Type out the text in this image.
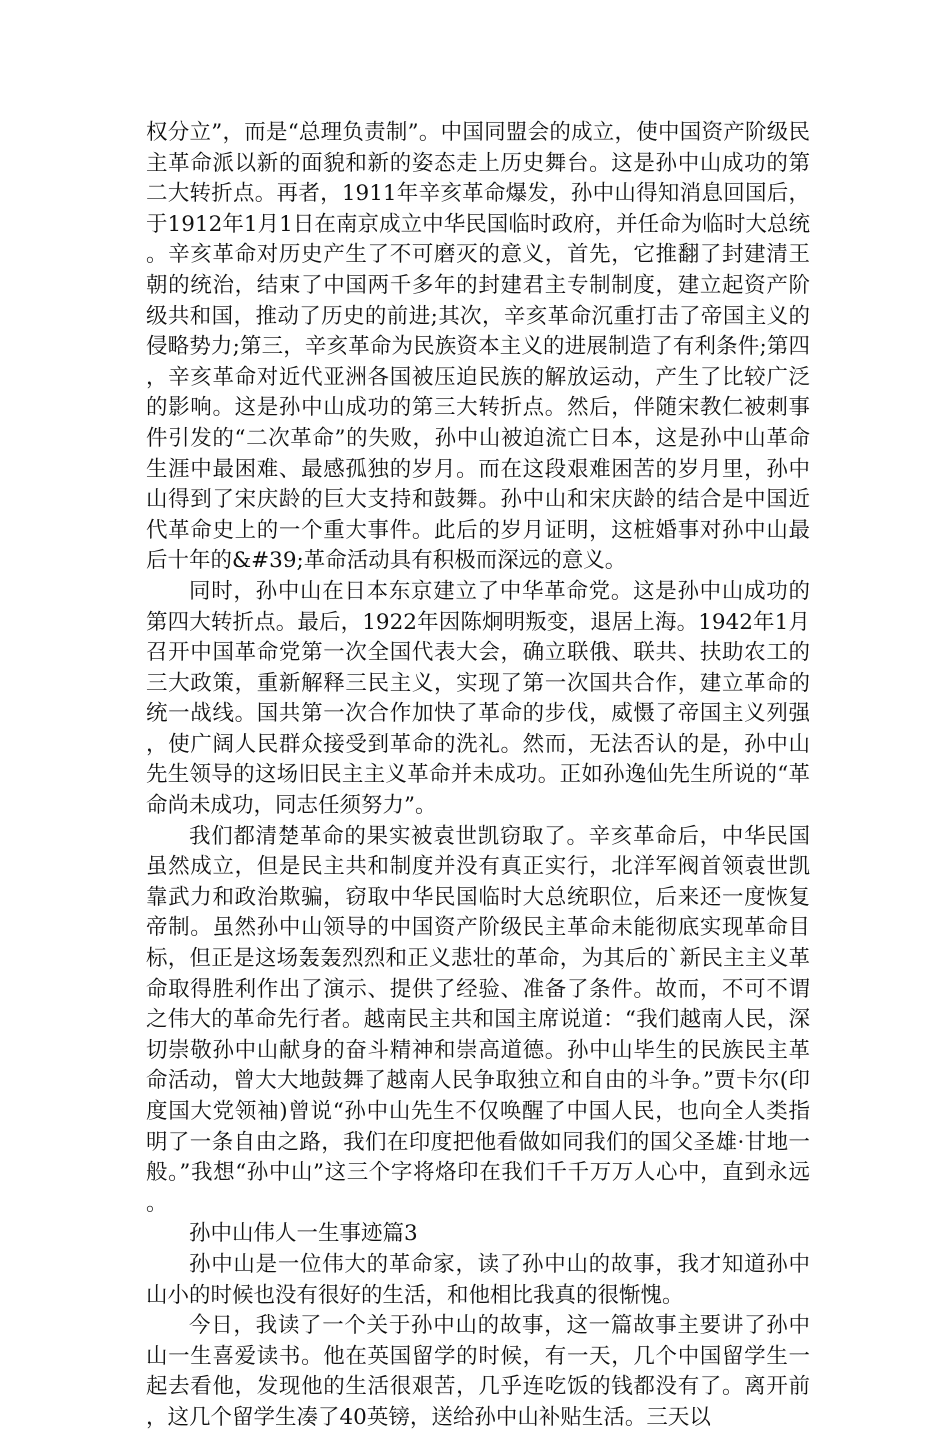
权分立”，而是“总理负责制”。中国同盟会的成立，使中国资产阶级民主革命派以新的面貌和新的姿态走上历史舞台。这是孙中山成功的第二大转折点。再者，1911年辛亥革命爆发，孙中山得知消息回国后，于1912年1月1日在南京成立中华民国临时政府，并任命为临时大总统。辛亥革命对历史产生了不可磨灭的意义，首先，它推翻了封建清王朝的统治，结束了中国两千多年的封建君主专制制度，建立起资产阶级共和国，推动了历史的前进;其次，辛亥革命沉重打击了帝国主义的侵略势力;第三，辛亥革命为民族资本主义的进展制造了有利条件;第四，辛亥革命对近代亚洲各国被压迫民族的解放运动，产生了比较广泛的影响。这是孙中山成功的第三大转折点。然后，伴随宋教仁被刺事件引发的“二次革命”的失败，孙中山被迫流亡日本，这是孙中山革命生涯中最困难、最感孤独的岁月。而在这段艰难困苦的岁月里，孙中山得到了宋庆龄的巨大支持和鼓舞。孙中山和宋庆龄的结合是中国近代革命史上的一个重大事件。此后的岁月证明，这桩婚事对孙中山最后十年的&#39;革命活动具有积极而深远的意义。

同时，孙中山在日本东京建立了中华革命党。这是孙中山成功的第四大转折点。最后，1922年因陈炯明叛变，退居上海。1942年1月召开中国革命党第一次全国代表大会，确立联俄、联共、扶助农工的三大政策，重新解释三民主义，实现了第一次国共合作，建立革命的统一战线。国共第一次合作加快了革命的步伐，威慑了帝国主义列强，使广阔人民群众接受到革命的洗礼。然而，无法否认的是，孙中山先生领导的这场旧民主主义革命并未成功。正如孙逸仙先生所说的“革命尚未成功，同志任须努力”。

我们都清楚革命的果实被袁世凯窃取了。辛亥革命后，中华民国虽然成立，但是民主共和制度并没有真正实行，北洋军阀首领袁世凯靠武力和政治欺骗，窃取中华民国临时大总统职位，后来还一度恢复帝制。虽然孙中山领导的中国资产阶级民主革命未能彻底实现革命目标，但正是这场轰轰烈烈和正义悲壮的革命，为其后的`新民主主义革命取得胜利作出了演示、提供了经验、准备了条件。故而，不可不谓之伟大的革命先行者。越南民主共和国主席说道：“我们越南人民，深切崇敬孙中山献身的奋斗精神和崇高道德。孙中山毕生的民族民主革命活动，曾大大地鼓舞了越南人民争取独立和自由的斗争。”贾卡尔(印度国大党领袖)曾说“孙中山先生不仅唤醒了中国人民，也向全人类指明了一条自由之路，我们在印度把他看做如同我们的国父圣雄·甘地一般。”我想“孙中山”这三个字将烙印在我们千千万万人心中，直到永远。

孙中山伟人一生事迹篇3

孙中山是一位伟大的革命家，读了孙中山的故事，我才知道孙中山小的时候也没有很好的生活，和他相比我真的很惭愧。

今日，我读了一个关于孙中山的故事，这一篇故事主要讲了孙中山一生喜爱读书。他在英国留学的时候，有一天，几个中国留学生一起去看他，发现他的生活很艰苦，几乎连吃饭的钱都没有了。离开前，这几个留学生凑了40英镑，送给孙中山补贴生活。三天以
